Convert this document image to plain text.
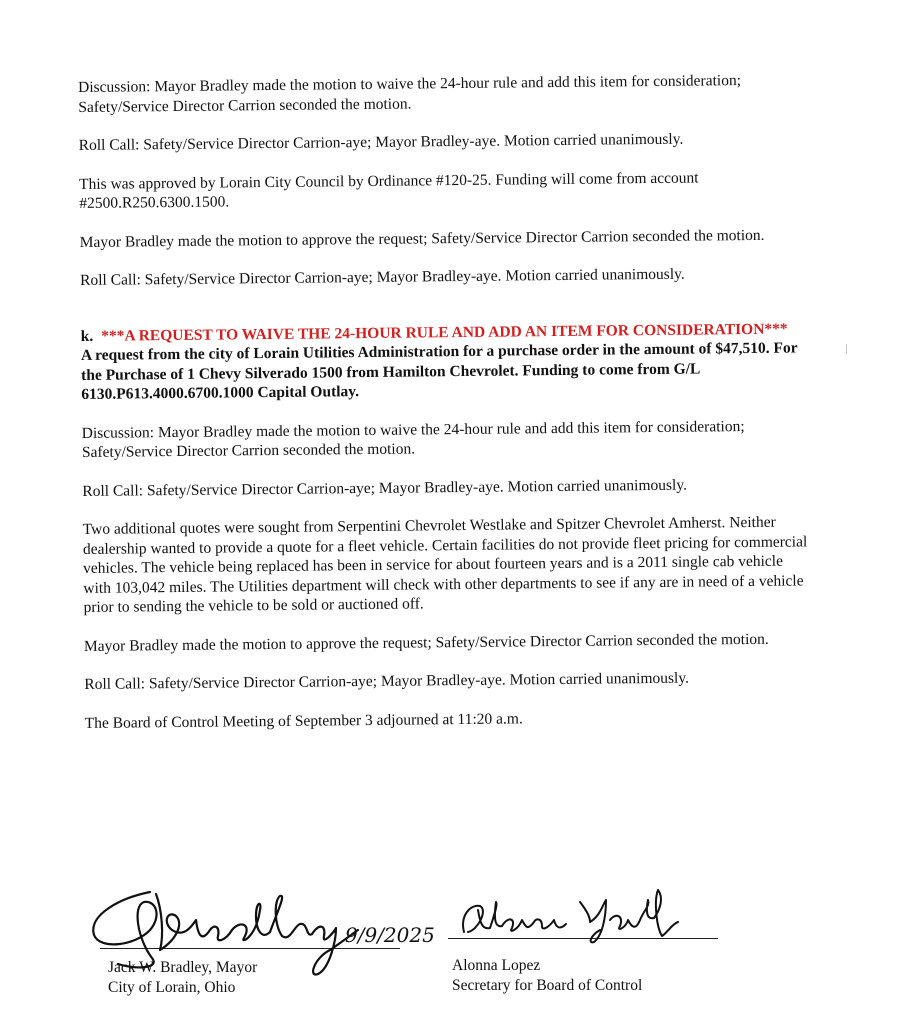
Discussion: Mayor Bradley made the motion to waive the 24-hour rule and add this item for consideration; Safety/Service Director Carrion seconded the motion.

Roll Call: Safety/Service Director Carrion-aye; Mayor Bradley-aye. Motion carried unanimously.

This was approved by Lorain City Council by Ordinance #120-25. Funding will come from account #2500.R250.6300.1500.

Mayor Bradley made the motion to approve the request; Safety/Service Director Carrion seconded the motion.

Roll Call: Safety/Service Director Carrion-aye; Mayor Bradley-aye. Motion carried unanimously.

k. ***A REQUEST TO WAIVE THE 24-HOUR RULE AND ADD AN ITEM FOR CONSIDERATION***

A request from the city of Lorain Utilities Administration for a purchase order in the amount of $47,510. For the Purchase of 1 Chevy Silverado 1500 from Hamilton Chevrolet. Funding to come from G/L 6130.P613.4000.6700.1000 Capital Outlay.

Discussion: Mayor Bradley made the motion to waive the 24-hour rule and add this item for consideration; Safety/Service Director Carrion seconded the motion.

Roll Call: Safety/Service Director Carrion-aye; Mayor Bradley-aye. Motion carried unanimously.

Two additional quotes were sought from Serpentini Chevrolet Westlake and Spitzer Chevrolet Amherst. Neither dealership wanted to provide a quote for a fleet vehicle. Certain facilities do not provide fleet pricing for commercial vehicles. The vehicle being replaced has been in service for about fourteen years and is a 2011 single cab vehicle with 103,042 miles. The Utilities department will check with other departments to see if any are in need of a vehicle prior to sending the vehicle to be sold or auctioned off.

Mayor Bradley made the motion to approve the request; Safety/Service Director Carrion seconded the motion.

Roll Call: Safety/Service Director Carrion-aye; Mayor Bradley-aye. Motion carried unanimously.

The Board of Control Meeting of September 3 adjourned at 11:20 a.m.

9/9/2025
Jack W. Bradley, Mayor
City of Lorain, Ohio
Alonna Lopez
Secretary for Board of Control
